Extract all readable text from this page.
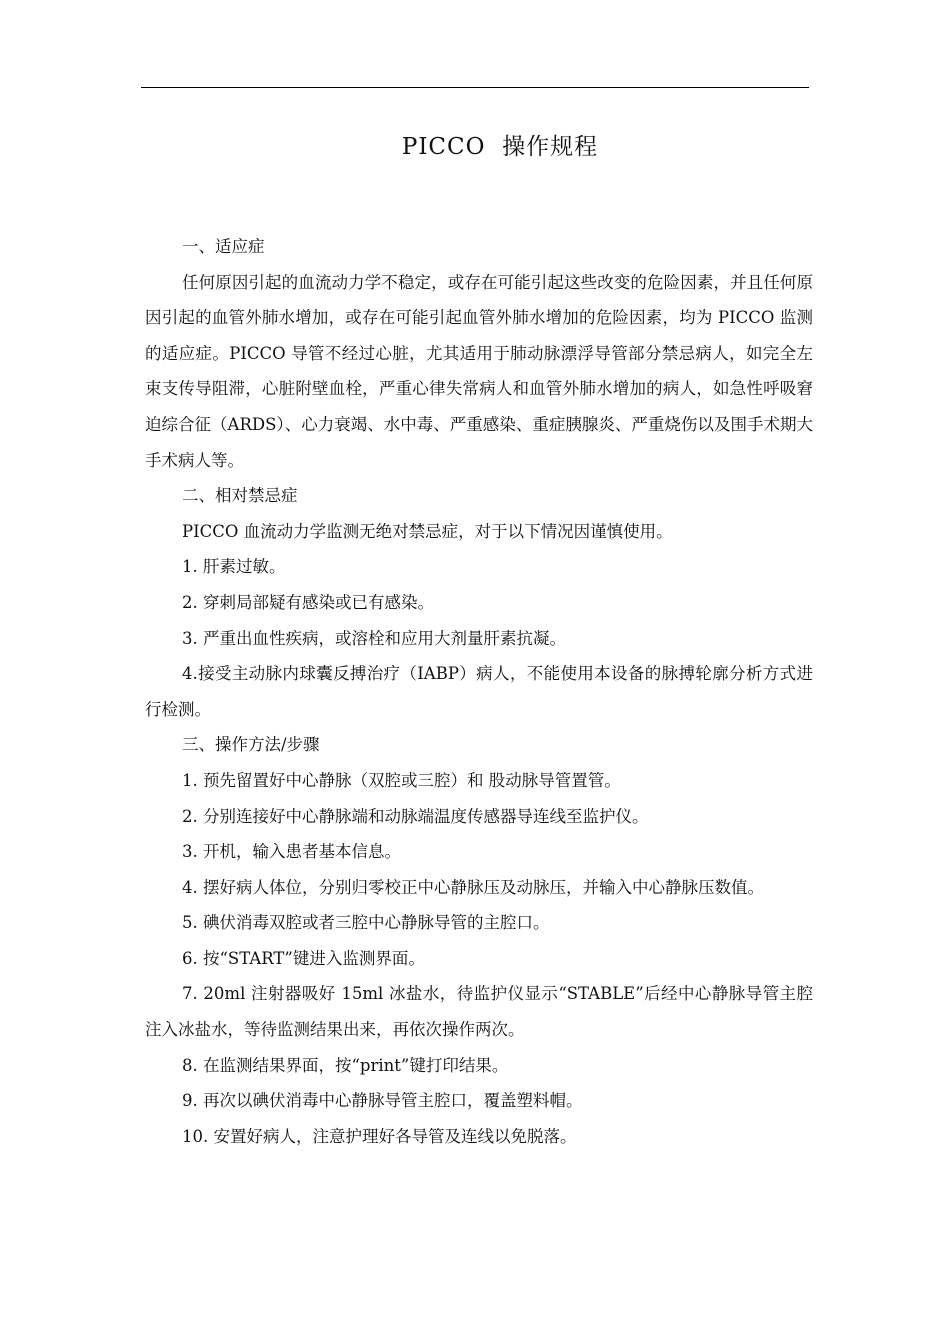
PICCO  操作规程

一、适应症

任何原因引起的血流动力学不稳定，或存在可能引起这些改变的危险因素，并且任何原因引起的血管外肺水增加，或存在可能引起血管外肺水增加的危险因素，均为 PICCO 监测的适应症。PICCO 导管不经过心脏，尤其适用于肺动脉漂浮导管部分禁忌病人，如完全左束支传导阻滞，心脏附壁血栓，严重心律失常病人和血管外肺水增加的病人，如急性呼吸窘迫综合征（ARDS）、心力衰竭、水中毒、严重感染、重症胰腺炎、严重烧伤以及围手术期大手术病人等。

二、相对禁忌症

PICCO 血流动力学监测无绝对禁忌症，对于以下情况因谨慎使用。

1. 肝素过敏。

2. 穿刺局部疑有感染或已有感染。

3. 严重出血性疾病，或溶栓和应用大剂量肝素抗凝。

4.接受主动脉内球囊反搏治疗（IABP）病人，不能使用本设备的脉搏轮廓分析方式进行检测。

三、操作方法/步骤

1. 预先留置好中心静脉（双腔或三腔）和 股动脉导管置管。

2. 分别连接好中心静脉端和动脉端温度传感器导连线至监护仪。

3. 开机，输入患者基本信息。

4. 摆好病人体位，分别归零校正中心静脉压及动脉压，并输入中心静脉压数值。

5. 碘伏消毒双腔或者三腔中心静脉导管的主腔口。

6. 按“START”键进入监测界面。

7. 20ml 注射器吸好 15ml 冰盐水，待监护仪显示“STABLE”后经中心静脉导管主腔注入冰盐水，等待监测结果出来，再依次操作两次。

8. 在监测结果界面，按“print”键打印结果。

9. 再次以碘伏消毒中心静脉导管主腔口，覆盖塑料帽。

10. 安置好病人，注意护理好各导管及连线以免脱落。
